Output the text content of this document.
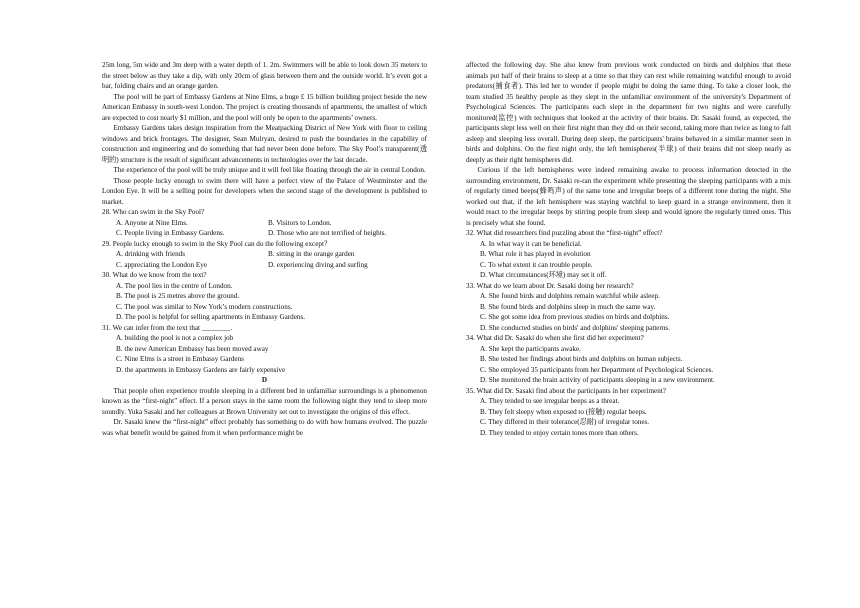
25m long, 5m wide and 3m deep with a water depth of 1. 2m. Swimmers will be able to look down 35 meters to the street below as they take a dip, with only 20cm of glass between them and the outside world. It’s even got a bar, folding chairs and an orange garden.

The pool will be part of Embassy Gardens at Nine Elms, a huge £ 15 billion building project beside the new American Embassy in south-west London. The project is creating thousands of apartments, the smallest of which are expected to cost nearly $1 million, and the pool will only be open to the apartments’ owners.

Embassy Gardens takes design inspiration from the Meatpacking District of New York with floor to ceiling windows and brick frontages. The designer, Sean Mulryan, desired to push the boundaries in the capability of construction and engineering and do something that had never been done before. The Sky Pool’s transparent(透明的) structure is the result of significant advancements in technologies over the last decade.

The experience of the pool will be truly unique and it will feel like floating through the air in central London.

Those people lucky enough to swim there will have a perfect view of the Palace of Westminster and the London Eye. It will be a selling point for developers when the second stage of the development is published to market.

28. Who can swim in the Sky Pool?

A. Anyone at Nine Elms.	B. Visitors to London.
C. People living in Embassy Gardens.	D. Those who are not terrified of heights.

29. People lucky enough to swim in the Sky Pool can do the following except？

A. drinking with friends	B. sitting in the orange garden
C. appreciating the London Eye	D. experiencing diving and surfing

30. What do we know from the text?

A. The pool lies in the centre of London.

B. The pool is 25 metres above the ground.

C. The pool was similar to New York’s modern constructions.

D. The pool is helpful for selling apartments in Embassy Gardens.

31. We can infer from the text that ________.

A. building the pool is not a complex job

B. the new American Embassy has been moved away

C. Nine Elms is a street in Embassy Gardens

D. the apartments in Embassy Gardens are fairly expensive

D

That people often experience trouble sleeping in a different bed in unfamiliar surroundings is a phenomenon known as the “first-night” effect. If a person stays in the same room the following night they tend to sleep more soundly. Yuka Sasaki and her colleagues at Brown University set out to investigate the origins of this effect.

Dr. Sasaki knew the “first-night” effect probably has something to do with how humans evolved. The puzzle was what benefit would be gained from it when performance might be

affected the following day. She also knew from previous work conducted on birds and dolphins that these animals put half of their brains to sleep at a time so that they can rest while remaining watchful enough to avoid predators(捕食者). This led her to wonder if people might be doing the same thing. To take a closer look, the team studied 35 healthy people as they slept in the unfamiliar environment of the university's Department of Psychological Sciences. The participants each slept in the department for two nights and were carefully monitored(监控) with techniques that looked at the activity of their brains. Dr. Sasaki found, as expected, the participants slept less well on their first night than they did on their second, taking more than twice as long to fall asleep and sleeping less overall. During deep sleep, the participants' brains behaved in a similar manner seen in birds and dolphins. On the first night only, the left hemispheres(半球) of their brains did not sleep nearly as deeply as their right hemispheres did.

Curious if the left hemispheres were indeed remaining awake to process information detected in the surrounding environment, Dr. Sasaki re-ran the experiment while presenting the sleeping participants with a mix of regularly timed beeps(蜂鸣声) of the same tone and irregular beeps of a different tone during the night. She worked out that, if the left hemisphere was staying watchful to keep guard in a strange environment, then it would react to the irregular beeps by stirring people from sleep and would ignore the regularly timed ones. This is precisely what she found.

32. What did researchers find puzzling about the “first-night” effect?

A. In what way it can be beneficial.

B. What role it has played in evolution

C. To what extent it can trouble people.

D. What circumstances(环境) may set it off.

33. What do we learn about Dr. Sasaki doing her research?

A. She found birds and dolphins remain watchful while asleep.

B. She found birds and dolphins sleep in much the same way.

C. She got some idea from previous studies on birds and dolphins.

D. She conducted studies on birds' and dolphins' sleeping patterns.

34. What did Dr. Sasaki do when she first did her experiment?

A. She kept the participants awake.

B. She tested her findings about birds and dolphins on human subjects.

C. She employed 35 participants from her Department of Psychological Sciences.

D. She monitored the brain activity of participants sleeping in a new environment.

35. What did Dr. Sasaki find about the participants in her experiment?

A. They tended to see irregular beeps as a threat.

B. They felt sleepy when exposed to (接触) regular beeps.

C. They differed in their tolerance(忍耐) of irregular tones.

D. They tended to enjoy certain tones more than others.
